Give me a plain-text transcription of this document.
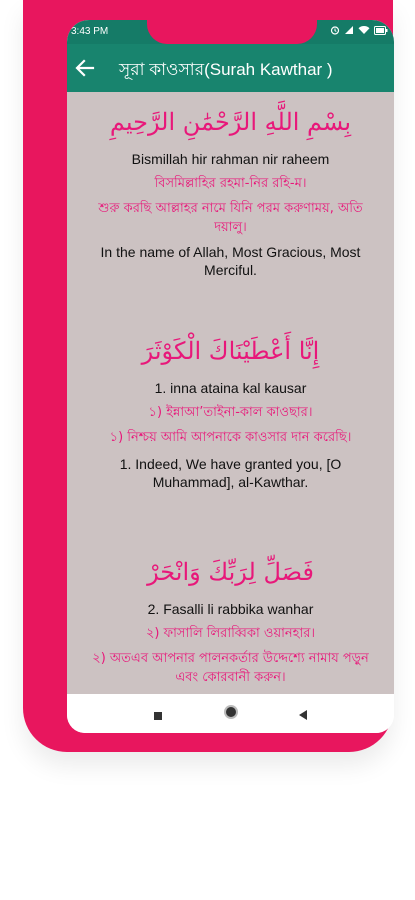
3:43 PM
সূরা কাওসার(Surah Kawthar )
بِسْمِ اللَّهِ الرَّحْمَٰنِ الرَّحِيمِ
Bismillah hir rahman nir raheem
বিসমিল্লাহির রহমা-নির রহি-ম।
শুরু করছি আল্লাহর নামে যিনি পরম করুণাময়, অতি দয়ালু।
In the name of Allah, Most Gracious, Most Merciful.
إِنَّا أَعْطَيْنَاكَ الْكَوْثَرَ
1. inna ataina kal kausar
১) ইন্নাআ’তাইনা-কাল কাওছার।
১) নিশ্চয় আমি আপনাকে কাওসার দান করেছি।
1. Indeed, We have granted you, [O Muhammad], al-Kawthar.
فَصَلِّ لِرَبِّكَ وَانْحَرْ
2. Fasalli li rabbika wanhar
২) ফাসালি লিরাব্বিকা ওয়ানহার।
২) অতএব আপনার পালনকর্তার উদ্দেশ্যে নামায পড়ুন এবং কোরবানী করুন।
